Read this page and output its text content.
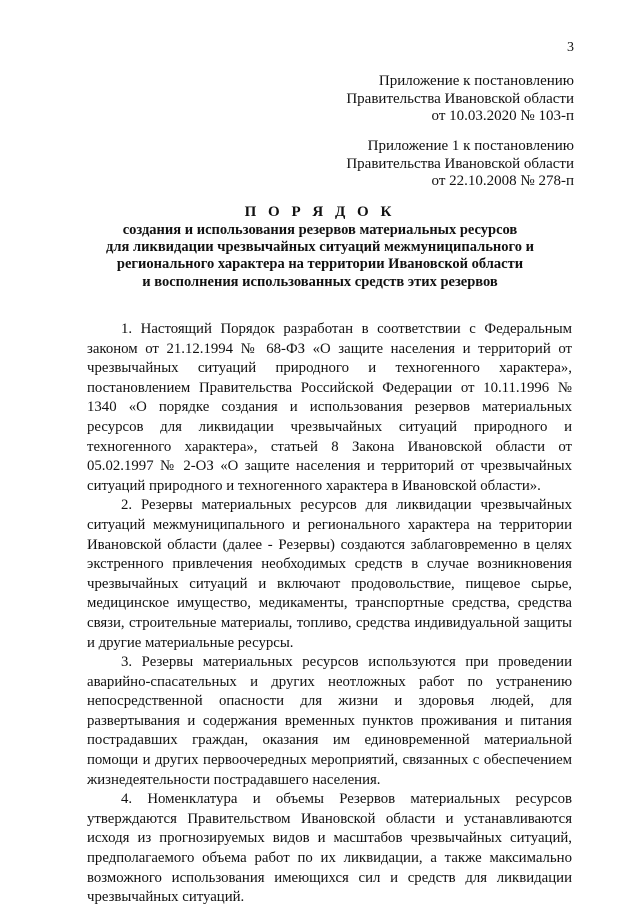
3
Приложение к постановлению
Правительства Ивановской области
от 10.03.2020 № 103-п
Приложение 1 к постановлению
Правительства Ивановской области
от 22.10.2008 № 278-п
П О Р Я Д О К
создания и использования резервов материальных ресурсов
для ликвидации чрезвычайных ситуаций межмуниципального и
регионального характера на территории Ивановской области
и восполнения использованных средств этих резервов

1. Настоящий Порядок разработан в соответствии с Федеральным законом от 21.12.1994 № 68-ФЗ «О защите населения и территорий от чрезвычайных ситуаций природного и техногенного характера», постановлением Правительства Российской Федерации от 10.11.1996 № 1340 «О порядке создания и использования резервов материальных ресурсов для ликвидации чрезвычайных ситуаций природного и техногенного характера», статьей 8 Закона Ивановской области от 05.02.1997 № 2-ОЗ «О защите населения и территорий от чрезвычайных ситуаций природного и техногенного характера в Ивановской области».

2. Резервы материальных ресурсов для ликвидации чрезвычайных ситуаций межмуниципального и регионального характера на территории Ивановской области (далее - Резервы) создаются заблаговременно в целях экстренного привлечения необходимых средств в случае возникновения чрезвычайных ситуаций и включают продовольствие, пищевое сырье, медицинское имущество, медикаменты, транспортные средства, средства связи, строительные материалы, топливо, средства индивидуальной защиты и другие материальные ресурсы.

3. Резервы материальных ресурсов используются при проведении аварийно-спасательных и других неотложных работ по устранению непосредственной опасности для жизни и здоровья людей, для развертывания и содержания временных пунктов проживания и питания пострадавших граждан, оказания им единовременной материальной помощи и других первоочередных мероприятий, связанных с обеспечением жизнедеятельности пострадавшего населения.

4. Номенклатура и объемы Резервов материальных ресурсов утверждаются Правительством Ивановской области и устанавливаются исходя из прогнозируемых видов и масштабов чрезвычайных ситуаций, предполагаемого объема работ по их ликвидации, а также максимально возможного использования имеющихся сил и средств для ликвидации чрезвычайных ситуаций.
